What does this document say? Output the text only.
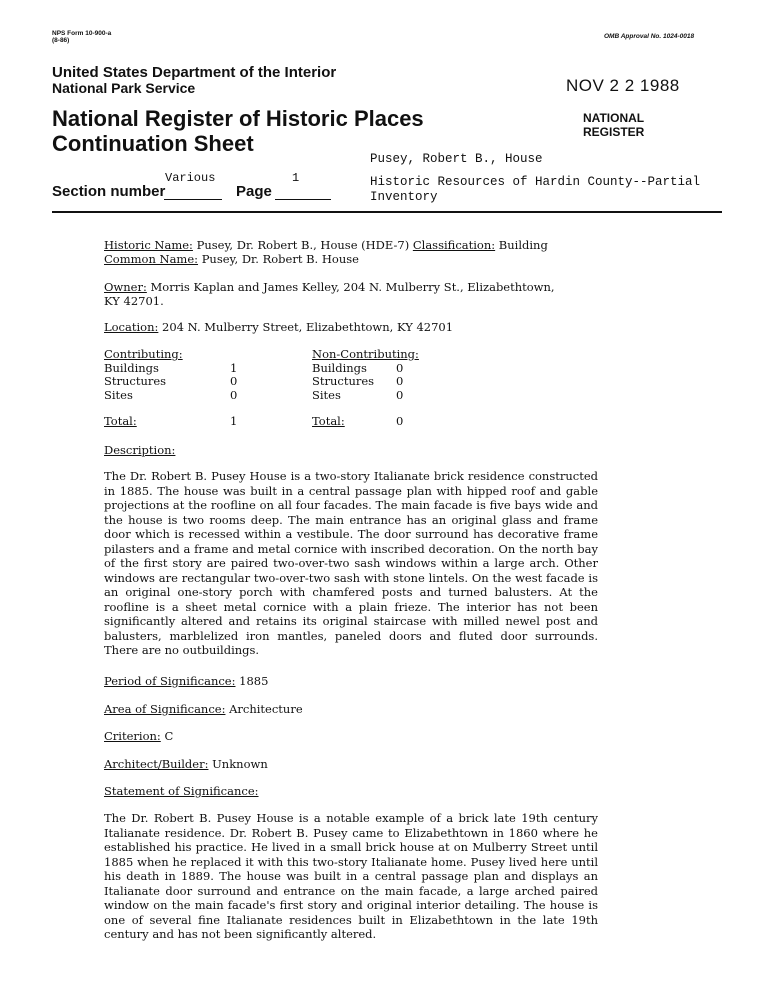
NPS Form 10-900-a
(8-86)
OMB Approval No. 1024-0018
United States Department of the Interior
National Park Service	NOV 2 2 1988
NATIONAL
REGISTER
National Register of Historic Places
Continuation Sheet
Pusey, Robert B., House
Historic Resources of Hardin County--Partial Inventory
Section number
Various
Page
1
Historic Name: Pusey, Dr. Robert B., House (HDE-7) Classification: Building
Common Name: Pusey, Dr. Robert B. House
Owner: Morris Kaplan and James Kelley, 204 N. Mulberry St., Elizabethtown,
KY 42701.
Location: 204 N. Mulberry Street, Elizabethtown, KY 42701
Contributing:	
Buildings	1
Structures	0
Sites	0

Total:	1
Non-Contributing:	
Buildings	0
Structures	0
Sites	0

Total:	0
Description:
The Dr. Robert B. Pusey House is a two-story Italianate brick residence constructed in 1885. The house was built in a central passage plan with hipped roof and gable projections at the roofline on all four facades. The main facade is five bays wide and the house is two rooms deep. The main entrance has an original glass and frame door which is recessed within a vestibule. The door surround has decorative frame pilasters and a frame and metal cornice with inscribed decoration. On the north bay of the first story are paired two-over-two sash windows within a large arch. Other windows are rectangular two-over-two sash with stone lintels. On the west facade is an original one-story porch with chamfered posts and turned balusters. At the roofline is a sheet metal cornice with a plain frieze. The interior has not been significantly altered and retains its original staircase with milled newel post and balusters, marblelized iron mantles, paneled doors and fluted door surrounds. There are no outbuildings.
Period of Significance: 1885
Area of Significance: Architecture
Criterion: C
Architect/Builder: Unknown
Statement of Significance:
The Dr. Robert B. Pusey House is a notable example of a brick late 19th century Italianate residence. Dr. Robert B. Pusey came to Elizabethtown in 1860 where he established his practice. He lived in a small brick house at on Mulberry Street until 1885 when he replaced it with this two-story Italianate home. Pusey lived here until his death in 1889. The house was built in a central passage plan and displays an Italianate door surround and entrance on the main facade, a large arched paired window on the main facade's first story and original interior detailing. The house is one of several fine Italianate residences built in Elizabethtown in the late 19th century and has not been significantly altered.
